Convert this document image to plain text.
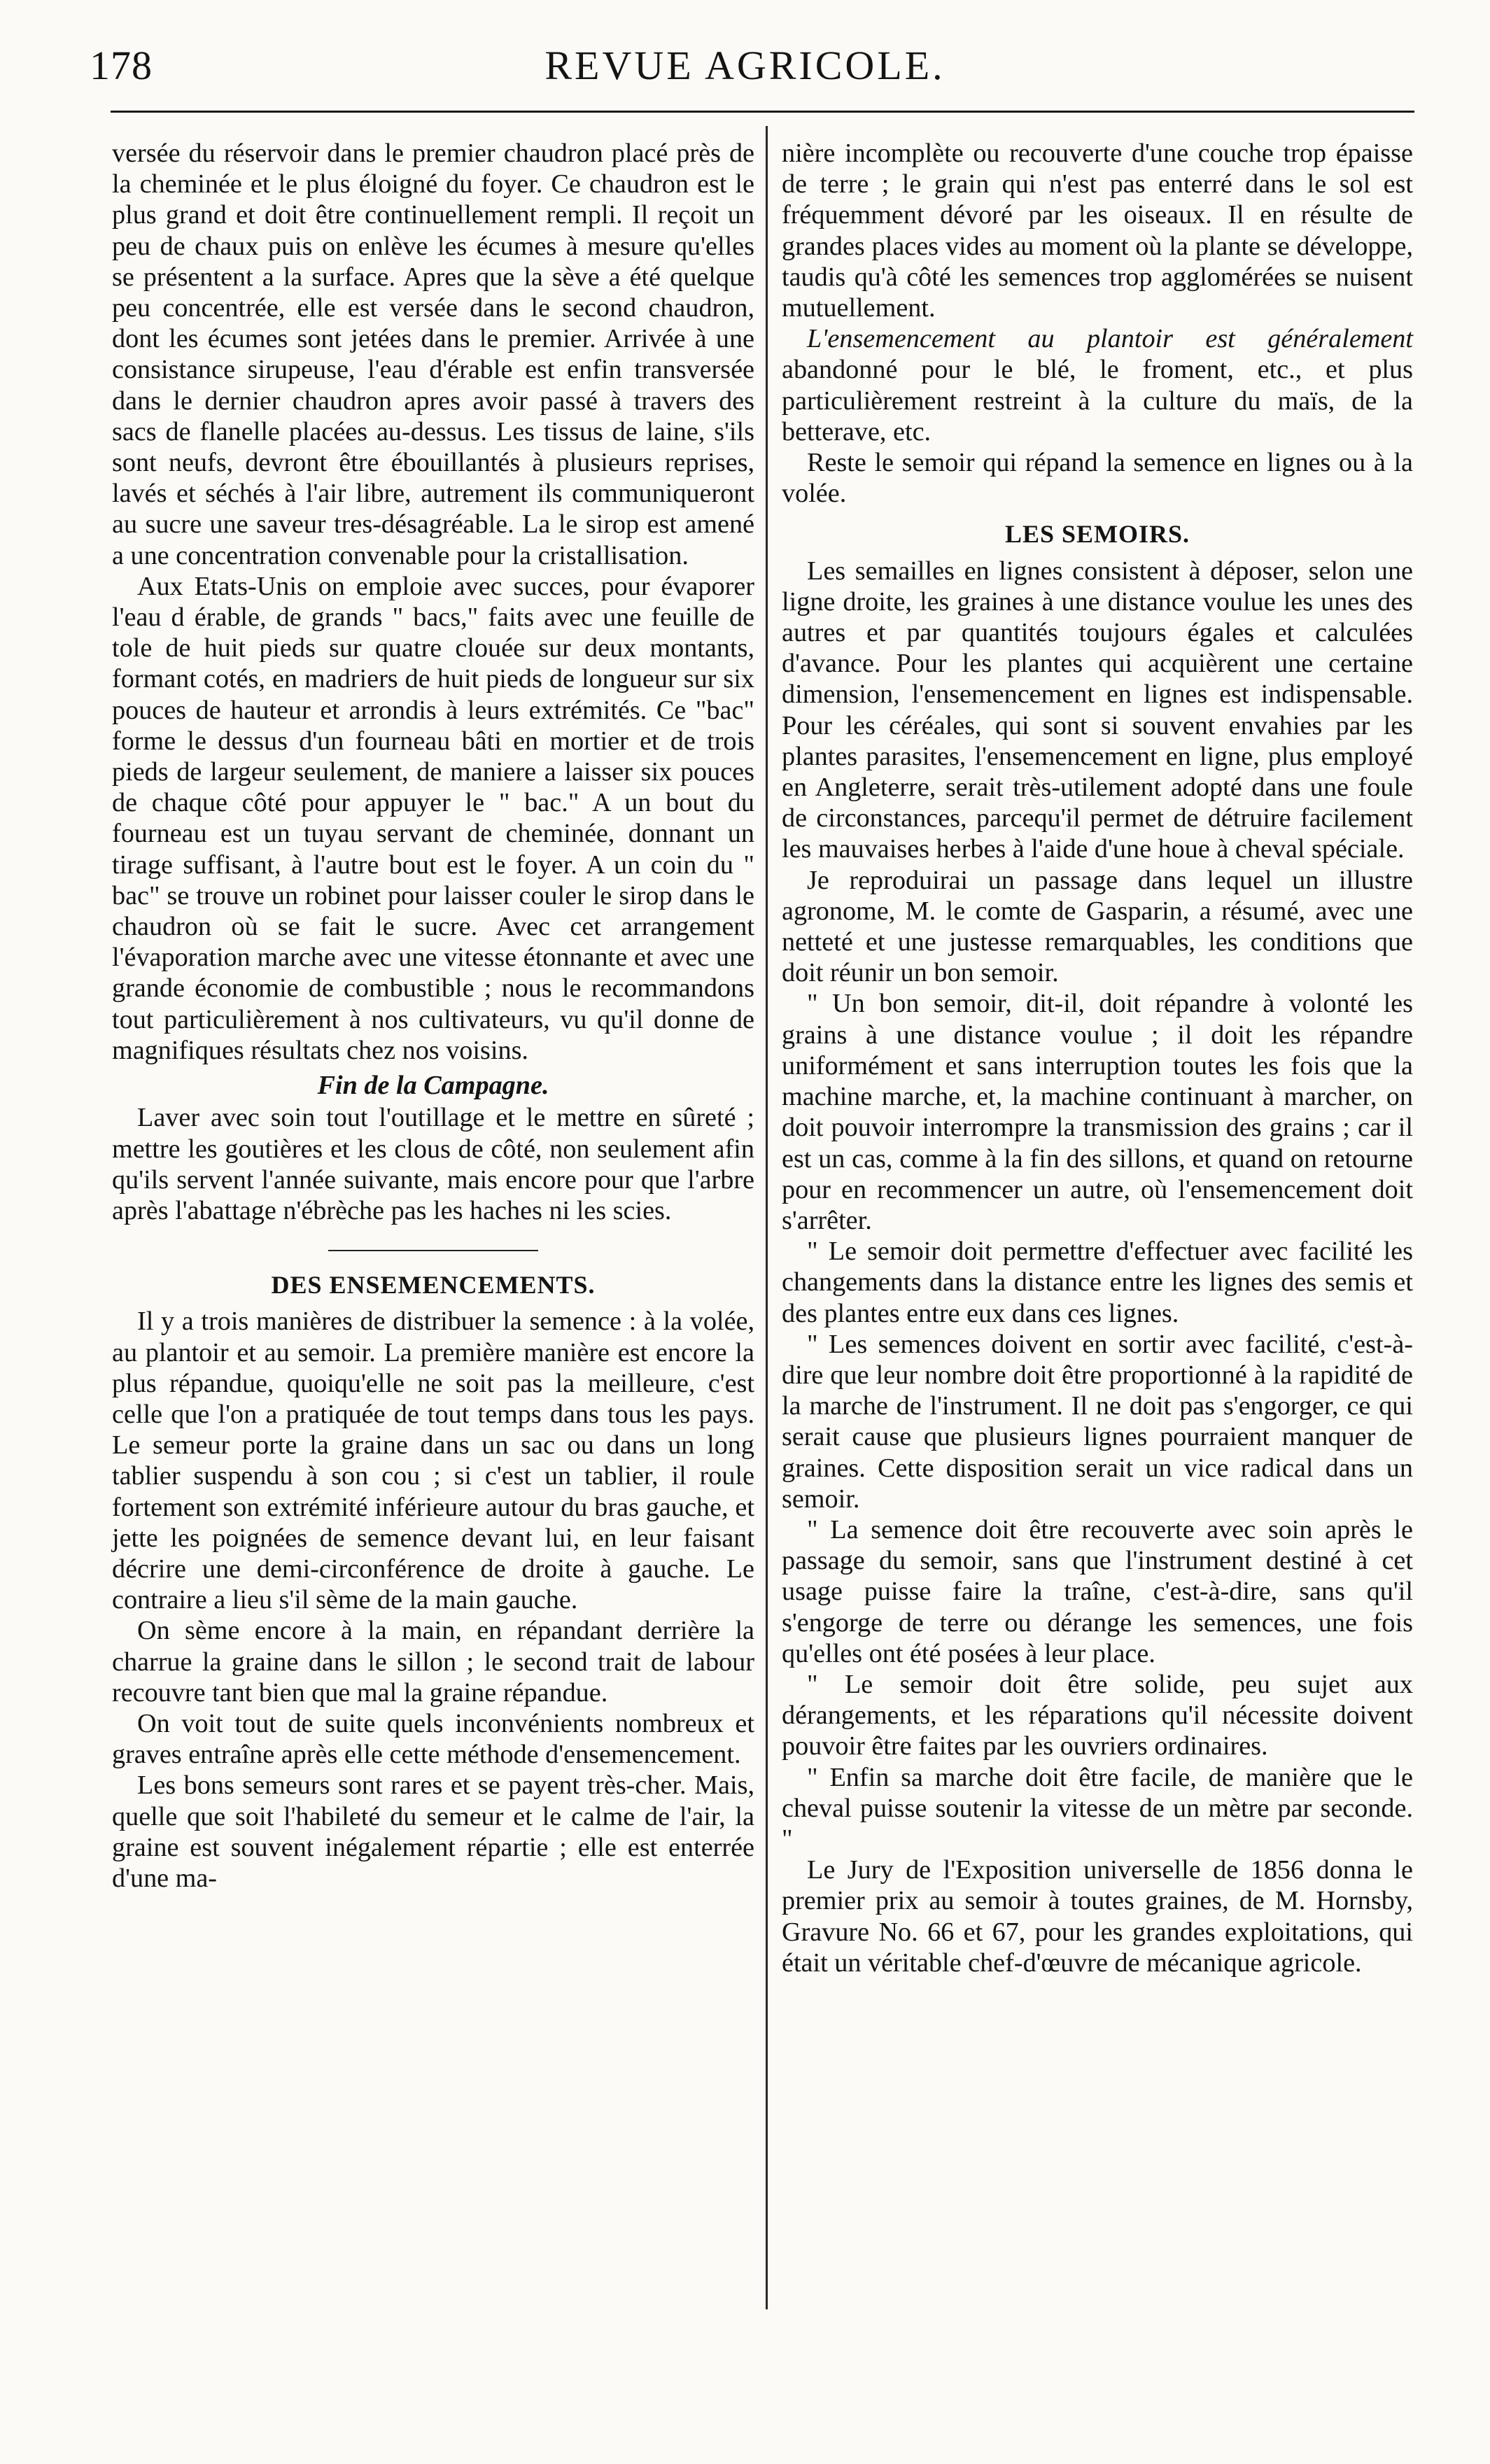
178	REVUE AGRICOLE.

versée du réservoir dans le premier chaudron placé près de la cheminée et le plus éloigné du foyer. Ce chaudron est le plus grand et doit être continuellement rempli. Il reçoit un peu de chaux puis on enlève les écumes à mesure qu'elles se présentent a la surface. Apres que la sève a été quelque peu concentrée, elle est versée dans le second chaudron, dont les écumes sont jetées dans le premier. Arrivée à une consistance sirupeuse, l'eau d'érable est enfin transversée dans le dernier chaudron apres avoir passé à travers des sacs de flanelle placées au-dessus. Les tissus de laine, s'ils sont neufs, devront être ébouillantés à plusieurs reprises, lavés et séchés à l'air libre, autrement ils communiqueront au sucre une saveur tres-désagréable. La le sirop est amené a une concentration convenable pour la cristallisation.

Aux Etats-Unis on emploie avec succes, pour évaporer l'eau d érable, de grands " bacs," faits avec une feuille de tole de huit pieds sur quatre clouée sur deux montants, formant cotés, en madriers de huit pieds de longueur sur six pouces de hauteur et arrondis à leurs extrémités. Ce "bac" forme le dessus d'un fourneau bâti en mortier et de trois pieds de largeur seulement, de maniere a laisser six pouces de chaque côté pour appuyer le " bac." A un bout du fourneau est un tuyau servant de cheminée, donnant un tirage suffisant, à l'autre bout est le foyer. A un coin du " bac" se trouve un robinet pour laisser couler le sirop dans le chaudron où se fait le sucre. Avec cet arrangement l'évaporation marche avec une vitesse étonnante et avec une grande économie de combustible ; nous le recommandons tout particulièrement à nos cultivateurs, vu qu'il donne de magnifiques résultats chez nos voisins.

Fin de la Campagne.

Laver avec soin tout l'outillage et le mettre en sûreté ; mettre les goutières et les clous de côté, non seulement afin qu'ils servent l'année suivante, mais encore pour que l'arbre après l'abattage n'ébrèche pas les haches ni les scies.

DES ENSEMENCEMENTS.

Il y a trois manières de distribuer la semence : à la volée, au plantoir et au semoir. La première manière est encore la plus répandue, quoiqu'elle ne soit pas la meilleure, c'est celle que l'on a pratiquée de tout temps dans tous les pays. Le semeur porte la graine dans un sac ou dans un long tablier suspendu à son cou ; si c'est un tablier, il roule fortement son extrémité inférieure autour du bras gauche, et jette les poignées de semence devant lui, en leur faisant décrire une demi-circonférence de droite à gauche. Le contraire a lieu s'il sème de la main gauche.

On sème encore à la main, en répandant derrière la charrue la graine dans le sillon ; le second trait de labour recouvre tant bien que mal la graine répandue.

On voit tout de suite quels inconvénients nombreux et graves entraîne après elle cette méthode d'ensemencement.

Les bons semeurs sont rares et se payent très-cher. Mais, quelle que soit l'habileté du semeur et le calme de l'air, la graine est souvent inégalement répartie ; elle est enterrée d'une ma-

nière incomplète ou recouverte d'une couche trop épaisse de terre ; le grain qui n'est pas enterré dans le sol est fréquemment dévoré par les oiseaux. Il en résulte de grandes places vides au moment où la plante se développe, taudis qu'à côté les semences trop agglomérées se nuisent mutuellement.

L'ensemencement au plantoir est généralement abandonné pour le blé, le froment, etc., et plus particulièrement restreint à la culture du maïs, de la betterave, etc.

Reste le semoir qui répand la semence en lignes ou à la volée.

LES SEMOIRS.

Les semailles en lignes consistent à déposer, selon une ligne droite, les graines à une distance voulue les unes des autres et par quantités toujours égales et calculées d'avance. Pour les plantes qui acquièrent une certaine dimension, l'ensemencement en lignes est indispensable. Pour les céréales, qui sont si souvent envahies par les plantes parasites, l'ensemencement en ligne, plus employé en Angleterre, serait très-utilement adopté dans une foule de circonstances, parcequ'il permet de détruire facilement les mauvaises herbes à l'aide d'une houe à cheval spéciale.

Je reproduirai un passage dans lequel un illustre agronome, M. le comte de Gasparin, a résumé, avec une netteté et une justesse remarquables, les conditions que doit réunir un bon semoir.

" Un bon semoir, dit-il, doit répandre à volonté les grains à une distance voulue ; il doit les répandre uniformément et sans interruption toutes les fois que la machine marche, et, la machine continuant à marcher, on doit pouvoir interrompre la transmission des grains ; car il est un cas, comme à la fin des sillons, et quand on retourne pour en recommencer un autre, où l'ensemencement doit s'arrêter.

" Le semoir doit permettre d'effectuer avec facilité les changements dans la distance entre les lignes des semis et des plantes entre eux dans ces lignes.

" Les semences doivent en sortir avec facilité, c'est-à-dire que leur nombre doit être proportionné à la rapidité de la marche de l'instrument. Il ne doit pas s'engorger, ce qui serait cause que plusieurs lignes pourraient manquer de graines. Cette disposition serait un vice radical dans un semoir.

" La semence doit être recouverte avec soin après le passage du semoir, sans que l'instrument destiné à cet usage puisse faire la traîne, c'est-à-dire, sans qu'il s'engorge de terre ou dérange les semences, une fois qu'elles ont été posées à leur place.

" Le semoir doit être solide, peu sujet aux dérangements, et les réparations qu'il nécessite doivent pouvoir être faites par les ouvriers ordinaires.

" Enfin sa marche doit être facile, de manière que le cheval puisse soutenir la vitesse de un mètre par seconde. "

Le Jury de l'Exposition universelle de 1856 donna le premier prix au semoir à toutes graines, de M. Hornsby, Gravure No. 66 et 67, pour les grandes exploitations, qui était un véritable chef-d'œuvre de mécanique agricole.
